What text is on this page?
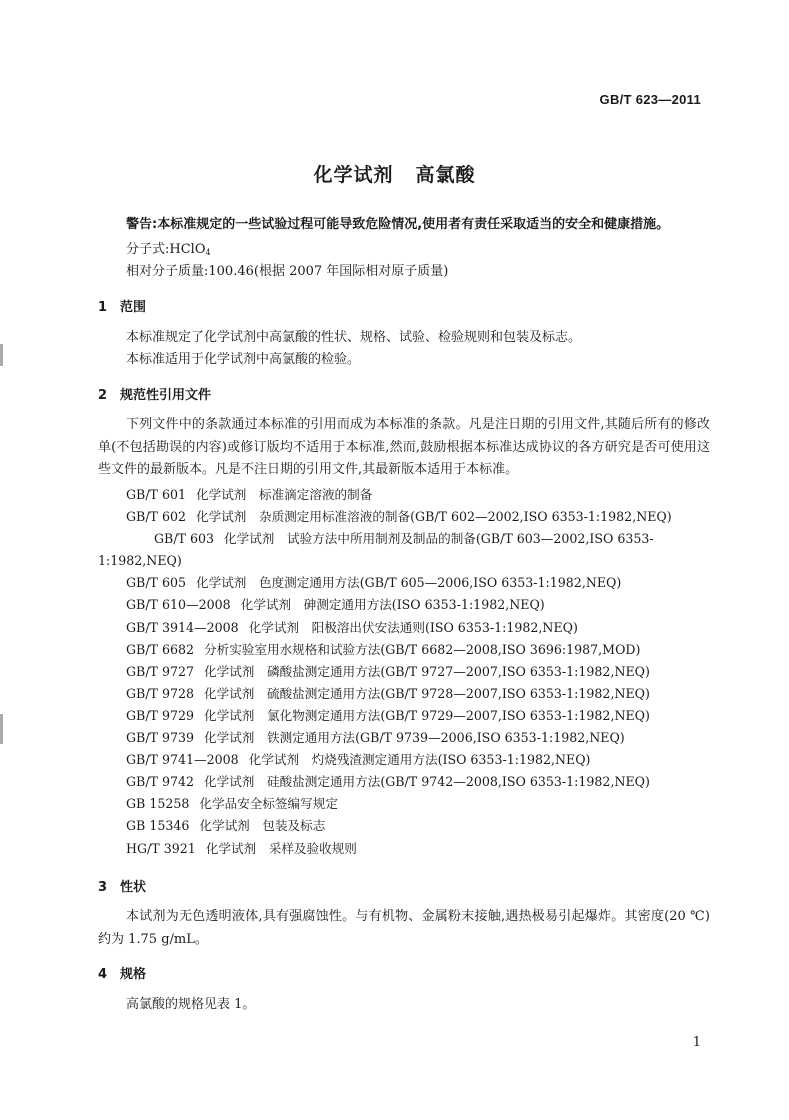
GB/T 623—2011
化学试剂 高氯酸
警告:本标准规定的一些试验过程可能导致危险情况,使用者有责任采取适当的安全和健康措施。
分子式:HClO$_4$
相对分子质量:100.46(根据 2007 年国际相对原子质量)
1 范围
本标准规定了化学试剂中高氯酸的性状、规格、试验、检验规则和包装及标志。
本标准适用于化学试剂中高氯酸的检验。
2 规范性引用文件
下列文件中的条款通过本标准的引用而成为本标准的条款。凡是注日期的引用文件,其随后所有的修改单(不包括勘误的内容)或修订版均不适用于本标准,然而,鼓励根据本标准达成协议的各方研究是否可使用这些文件的最新版本。凡是不注日期的引用文件,其最新版本适用于本标准。
GB/T 601 化学试剂　标准滴定溶液的制备
GB/T 602 化学试剂　杂质测定用标准溶液的制备(GB/T 602—2002,ISO 6353-1:1982,NEQ)
GB/T 603 化学试剂　试验方法中所用制剂及制品的制备(GB/T 603—2002,ISO 6353-1:1982,NEQ)
GB/T 605 化学试剂　色度测定通用方法(GB/T 605—2006,ISO 6353-1:1982,NEQ)
GB/T 610—2008 化学试剂　砷测定通用方法(ISO 6353-1:1982,NEQ)
GB/T 3914—2008 化学试剂　阳极溶出伏安法通则(ISO 6353-1:1982,NEQ)
GB/T 6682 分析实验室用水规格和试验方法(GB/T 6682—2008,ISO 3696:1987,MOD)
GB/T 9727 化学试剂　磷酸盐测定通用方法(GB/T 9727—2007,ISO 6353-1:1982,NEQ)
GB/T 9728 化学试剂　硫酸盐测定通用方法(GB/T 9728—2007,ISO 6353-1:1982,NEQ)
GB/T 9729 化学试剂　氯化物测定通用方法(GB/T 9729—2007,ISO 6353-1:1982,NEQ)
GB/T 9739 化学试剂　铁测定通用方法(GB/T 9739—2006,ISO 6353-1:1982,NEQ)
GB/T 9741—2008 化学试剂　灼烧残渣测定通用方法(ISO 6353-1:1982,NEQ)
GB/T 9742 化学试剂　硅酸盐测定通用方法(GB/T 9742—2008,ISO 6353-1:1982,NEQ)
GB 15258 化学品安全标签编写规定
GB 15346 化学试剂　包装及标志
HG/T 3921 化学试剂　采样及验收规则
3 性状
本试剂为无色透明液体,具有强腐蚀性。与有机物、金属粉末接触,遇热极易引起爆炸。其密度(20 ℃)约为 1.75 g/mL。
4 规格
高氯酸的规格见表 1。
1
